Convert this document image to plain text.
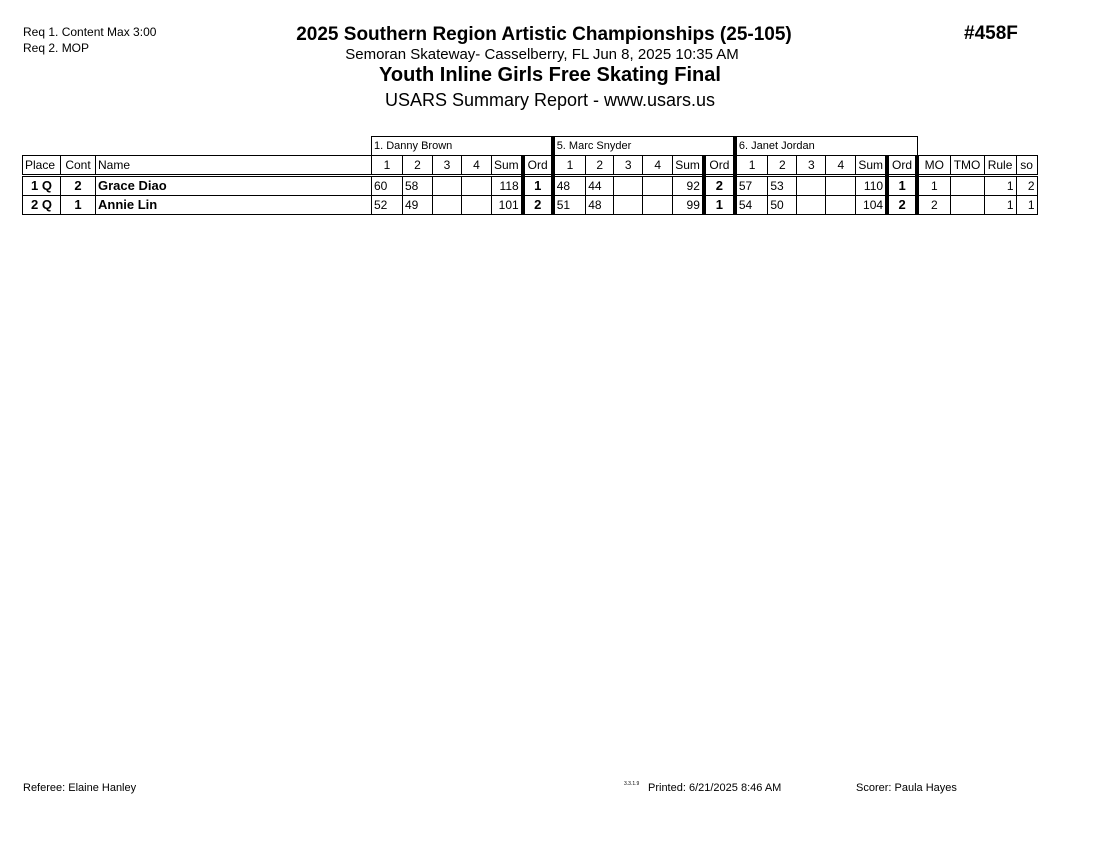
Req 1. Content Max 3:00
Req 2. MOP
2025 Southern Region Artistic Championships (25-105)
Semoran Skateway- Casselberry, FL Jun 8, 2025 10:35 AM
Youth Inline Girls Free Skating Final
USARS Summary Report - www.usars.us
#458F
			1. Danny Brown						5. Marc Snyder						6. Janet Jordan									
Place	Cont	Name	1	2	3	4	Sum	Ord	1	2	3	4	Sum	Ord	1	2	3	4	Sum	Ord	MO	TMO	Rule	so
1 Q	2	Grace Diao	60	58			118	1	48	44			92	2	57	53			110	1	1		1	2
2 Q	1	Annie Lin	52	49			101	2	51	48			99	1	54	50			104	2	2		1	1
Referee: Elaine Hanley	3.3.1.9 Printed: 6/21/2025 8:46 AM	Scorer: Paula Hayes
